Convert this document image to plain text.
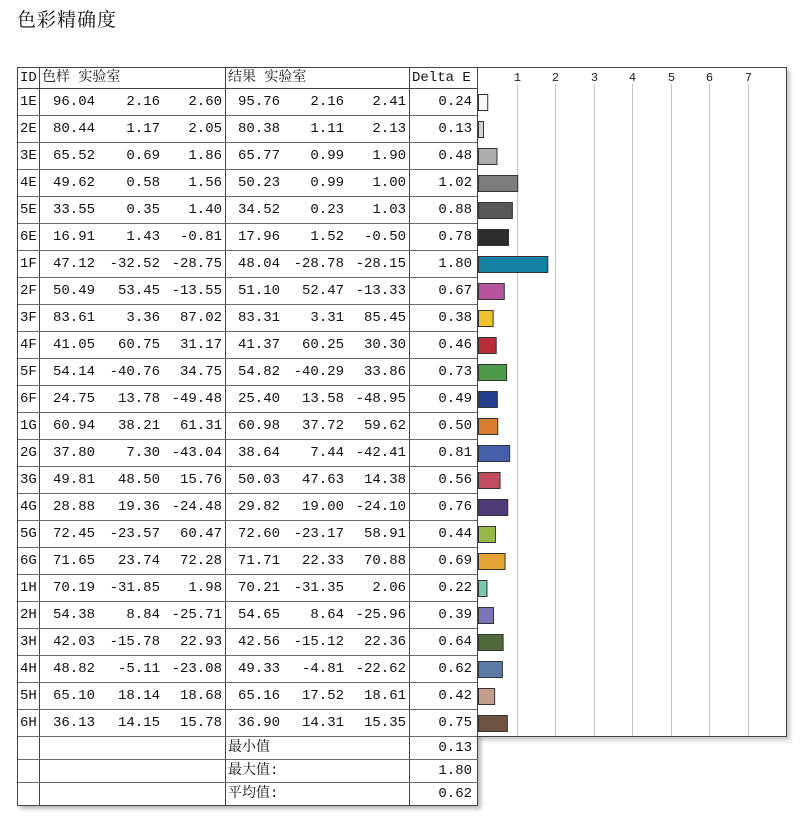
色彩精确度
ID 色样 实验室	结果 实验室	Delta E
1E	96.04 2.16 2.60	95.76 2.16 2.41	0.24
2E	80.44 1.17 2.05	80.38 1.11 2.13	0.13
3E	65.52 0.69 1.86	65.77 0.99 1.90	0.48
4E	49.62 0.58 1.56	50.23 0.99 1.00	1.02
5E	33.55 0.35 1.40	34.52 0.23 1.03	0.88
6E	16.91 1.43 -0.81	17.96 1.52 -0.50	0.78
1F	47.12 -32.52 -28.75	48.04 -28.78 -28.15	1.80
2F	50.49 53.45 -13.55	51.10 52.47 -13.33	0.67
3F	83.61 3.36 87.02	83.31 3.31 85.45	0.38
4F	41.05 60.75 31.17	41.37 60.25 30.30	0.46
5F	54.14 -40.76 34.75	54.82 -40.29 33.86	0.73
6F	24.75 13.78 -49.48	25.40 13.58 -48.95	0.49
1G	60.94 38.21 61.31	60.98 37.72 59.62	0.50
2G	37.80 7.30 -43.04	38.64 7.44 -42.41	0.81
3G	49.81 48.50 15.76	50.03 47.63 14.38	0.56
4G	28.88 19.36 -24.48	29.82 19.00 -24.10	0.76
5G	72.45 -23.57 60.47	72.60 -23.17 58.91	0.44
6G	71.65 23.74 72.28	71.71 22.33 70.88	0.69
1H	70.19 -31.85 1.98	70.21 -31.35 2.06	0.22
2H	54.38 8.84 -25.71	54.65 8.64 -25.96	0.39
3H	42.03 -15.78 22.93	42.56 -15.12 22.36	0.64
4H	48.82 -5.11 -23.08	49.33 -4.81 -22.62	0.62
5H	65.10 18.14 18.68	65.16 17.52 18.61	0.42
6H	36.13 14.15 15.78	36.90 14.31 15.35	0.75
最小值	0.13
最大值:	1.80
平均值:	0.62
1	2	3	4	5	6	7
